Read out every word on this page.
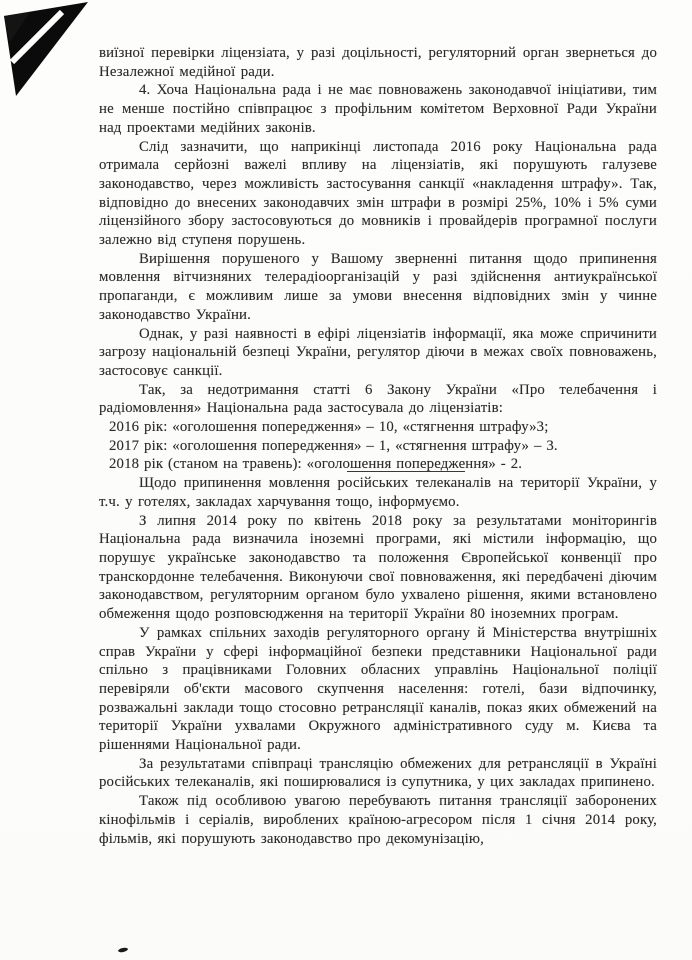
виїзної перевірки ліцензіата, у разі доцільності, регуляторний орган звернеться до Незалежної медійної ради.

4. Хоча Національна рада і не має повноважень законодавчої ініціативи, тим не менше постійно співпрацює з профільним комітетом Верховної Ради України над проектами медійних законів.

Слід зазначити, що наприкінці листопада 2016 року Національна рада отримала серйозні важелі впливу на ліцензіатів, які порушують галузеве законодавство, через можливість застосування санкції «накладення штрафу». Так, відповідно до внесених законодавчих змін штрафи в розмірі 25%, 10% і 5% суми ліцензійного збору застосовуються до мовників і провайдерів програмної послуги залежно від ступеня порушень.

Вирішення порушеного у Вашому зверненні питання щодо припинення мовлення вітчизняних телерадіоорганізацій у разі здійснення антиукраїнської пропаганди, є можливим лише за умови внесення відповідних змін у чинне законодавство України.

Однак, у разі наявності в ефірі ліцензіатів інформації, яка може спричинити загрозу національній безпеці України, регулятор діючи в межах своїх повноважень, застосовує санкції.

Так, за недотримання статті 6 Закону України «Про телебачення і радіомовлення» Національна рада застосувала до ліцензіатів:

2016 рік: «оголошення попередження» – 10, «стягнення штрафу»3;

2017 рік: «оголошення попередження» – 1, «стягнення штрафу» – 3.

2018 рік (станом на травень): «оголошення попередження» - 2.

Щодо припинення мовлення російських телеканалів на території України, у т.ч. у готелях, закладах харчування тощо, інформуємо.

З липня 2014 року по квітень 2018 року за результатами моніторингів Національна рада визначила іноземні програми, які містили інформацію, що порушує українське законодавство та положення Європейської конвенції про транскордонне телебачення. Виконуючи свої повноваження, які передбачені діючим законодавством, регуляторним органом було ухвалено рішення, якими встановлено обмеження щодо розповсюдження на території України 80 іноземних програм.

У рамках спільних заходів регуляторного органу й Міністерства внутрішніх справ України у сфері інформаційної безпеки представники Національної ради спільно з працівниками Головних обласних управлінь Національної поліції перевіряли об'єкти масового скупчення населення: готелі, бази відпочинку, розважальні заклади тощо стосовно ретрансляції каналів, показ яких обмежений на території України ухвалами Окружного адміністративного суду м. Києва та рішеннями Національної ради.

За результатами співпраці трансляцію обмежених для ретрансляції в Україні російських телеканалів, які поширювалися із супутника, у цих закладах припинено.

Також під особливою увагою перебувають питання трансляції заборонених кінофільмів і серіалів, вироблених країною-агресором після 1 січня 2014 року, фільмів, які порушують законодавство про декомунізацію,
